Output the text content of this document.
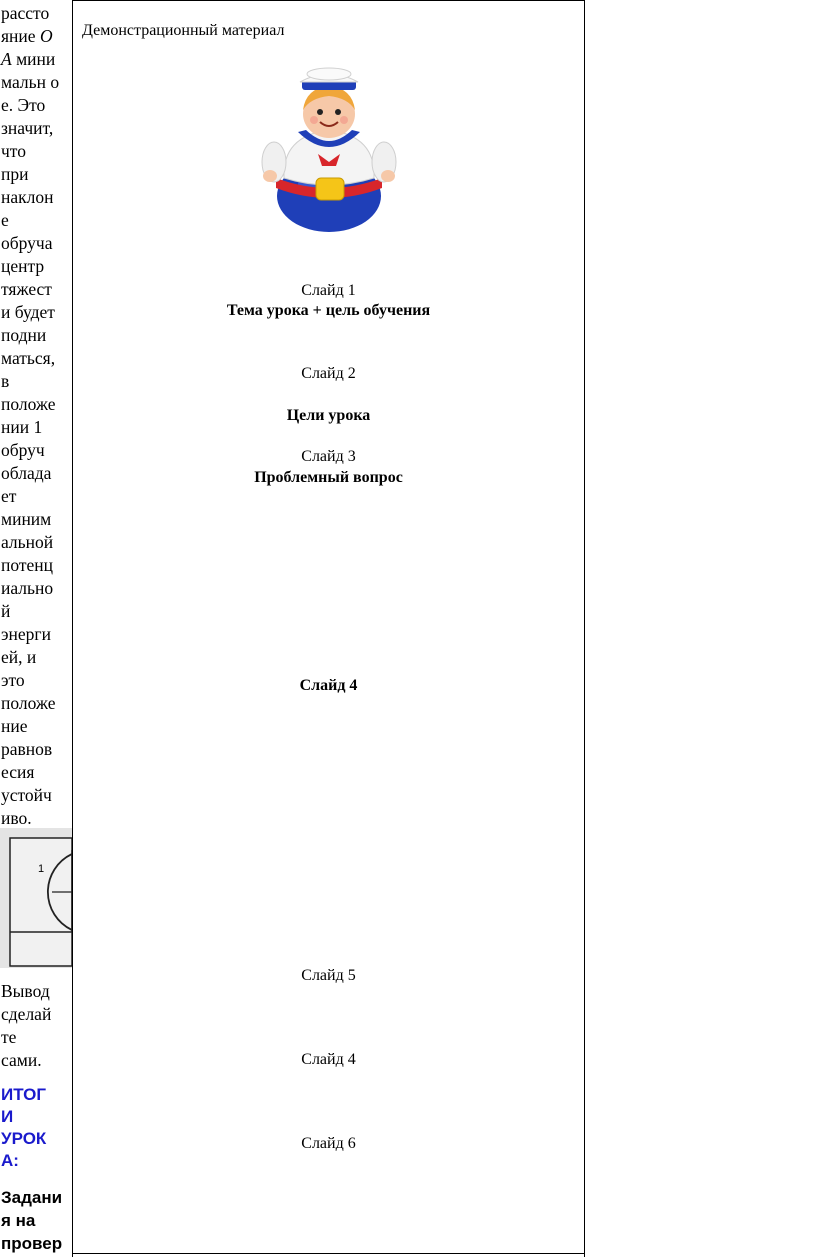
рассто
яние О
А мини
мальн о
е. Это
значит,
что
при
наклон
е
обруча
центр
тяжест
и будет
подни
маться,
в
положе
нии 1
обруч
облада
ет
миним
альной
потенц
иально
й
энерги
ей, и
это
положе
ние
равнов
есия
устойч
иво.
1
Вывод
сделай
те
сами.
ИТОГ
И
УРОК
А:
Задани
я на
провер
Демонстрационный материал
Слайд 1
Тема урока + цель обучения
Слайд 2
Цели урока
Слайд 3
Проблемный вопрос
Слайд 4
Слайд 5
Слайд 4
Слайд 6
